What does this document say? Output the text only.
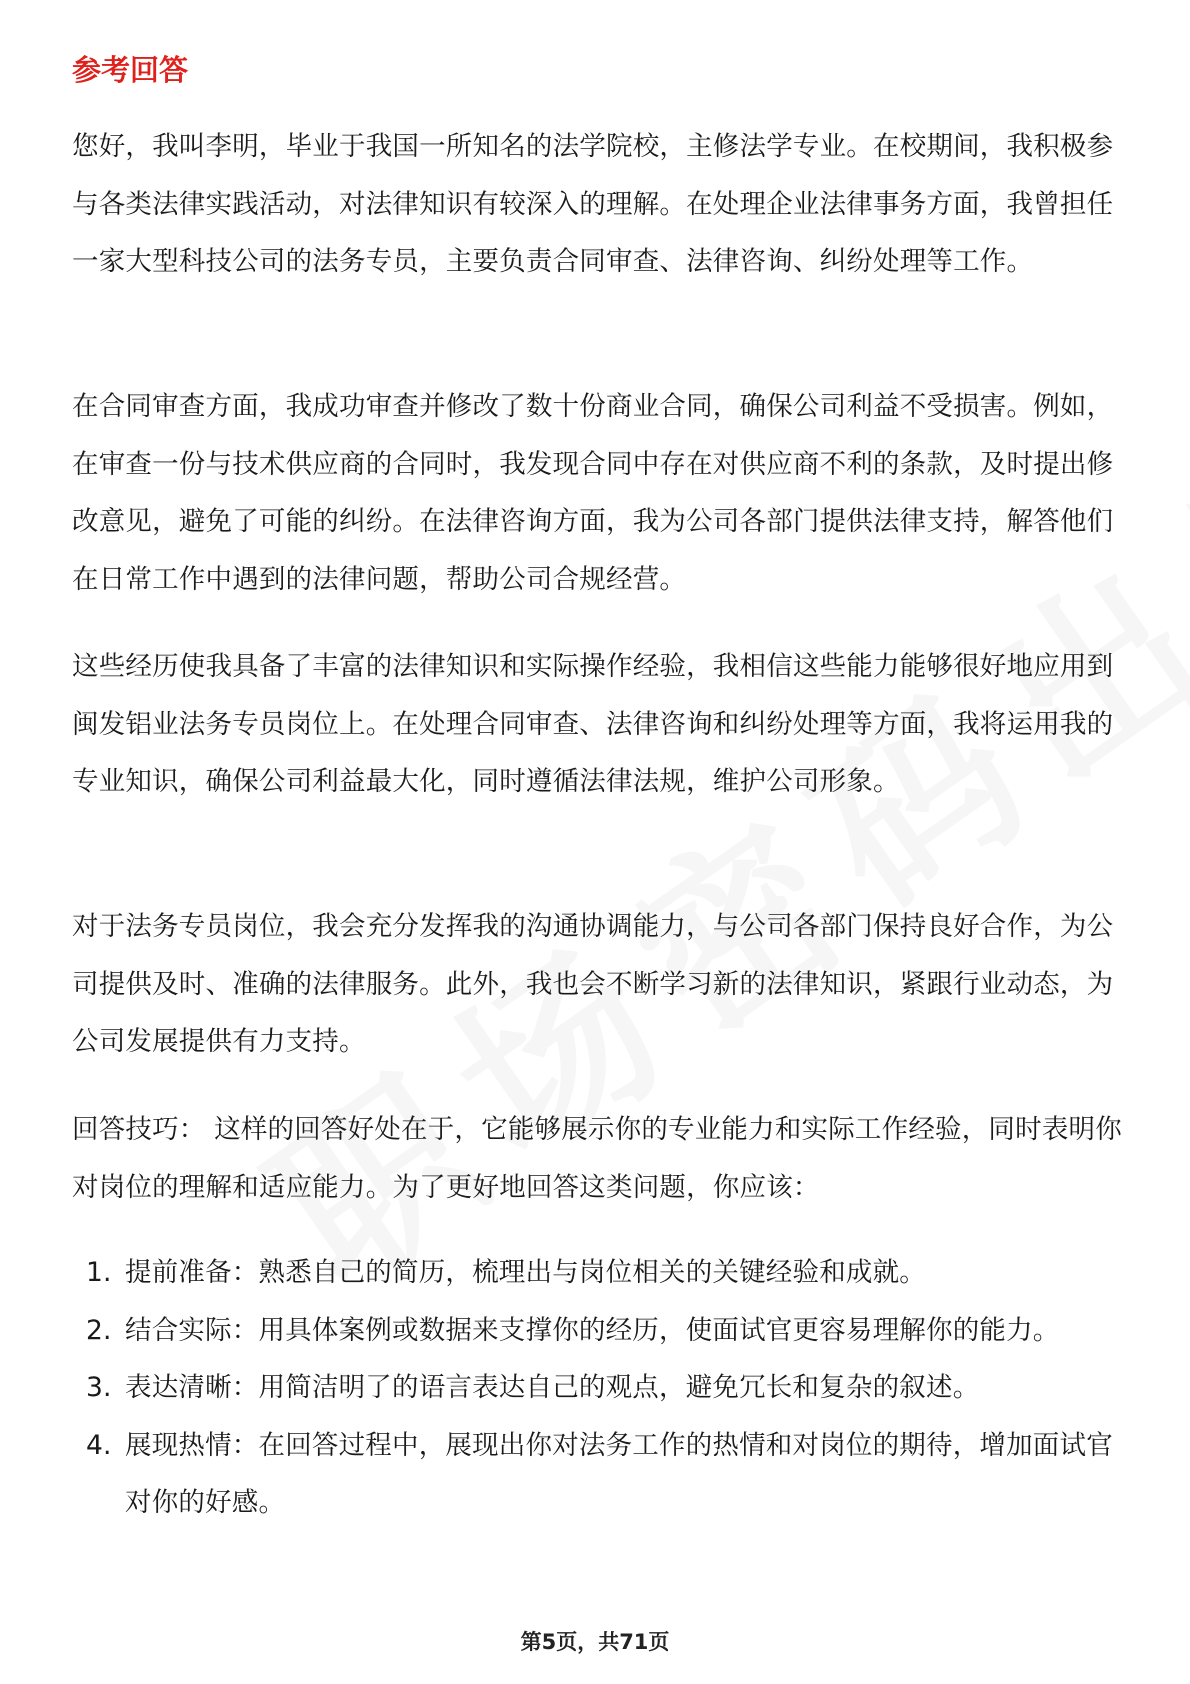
参考回答

您好，我叫李明，毕业于我国一所知名的法学院校，主修法学专业。在校期间，我积极参与各类法律实践活动，对法律知识有较深入的理解。在处理企业法律事务方面，我曾担任一家大型科技公司的法务专员，主要负责合同审查、法律咨询、纠纷处理等工作。

在合同审查方面，我成功审查并修改了数十份商业合同，确保公司利益不受损害。例如，在审查一份与技术供应商的合同时，我发现合同中存在对供应商不利的条款，及时提出修改意见，避免了可能的纠纷。在法律咨询方面，我为公司各部门提供法律支持，解答他们在日常工作中遇到的法律问题，帮助公司合规经营。

这些经历使我具备了丰富的法律知识和实际操作经验，我相信这些能力能够很好地应用到闽发铝业法务专员岗位上。在处理合同审查、法律咨询和纠纷处理等方面，我将运用我的专业知识，确保公司利益最大化，同时遵循法律法规，维护公司形象。

对于法务专员岗位，我会充分发挥我的沟通协调能力，与公司各部门保持良好合作，为公司提供及时、准确的法律服务。此外，我也会不断学习新的法律知识，紧跟行业动态，为公司发展提供有力支持。

回答技巧： 这样的回答好处在于，它能够展示你的专业能力和实际工作经验，同时表明你对岗位的理解和适应能力。为了更好地回答这类问题，你应该：

1. 提前准备：熟悉自己的简历，梳理出与岗位相关的关键经验和成就。
2. 结合实际：用具体案例或数据来支撑你的经历，使面试官更容易理解你的能力。
3. 表达清晰：用简洁明了的语言表达自己的观点，避免冗长和复杂的叙述。
4. 展现热情：在回答过程中，展现出你对法务工作的热情和对岗位的期待，增加面试官对你的好感。
第5页，共71页
